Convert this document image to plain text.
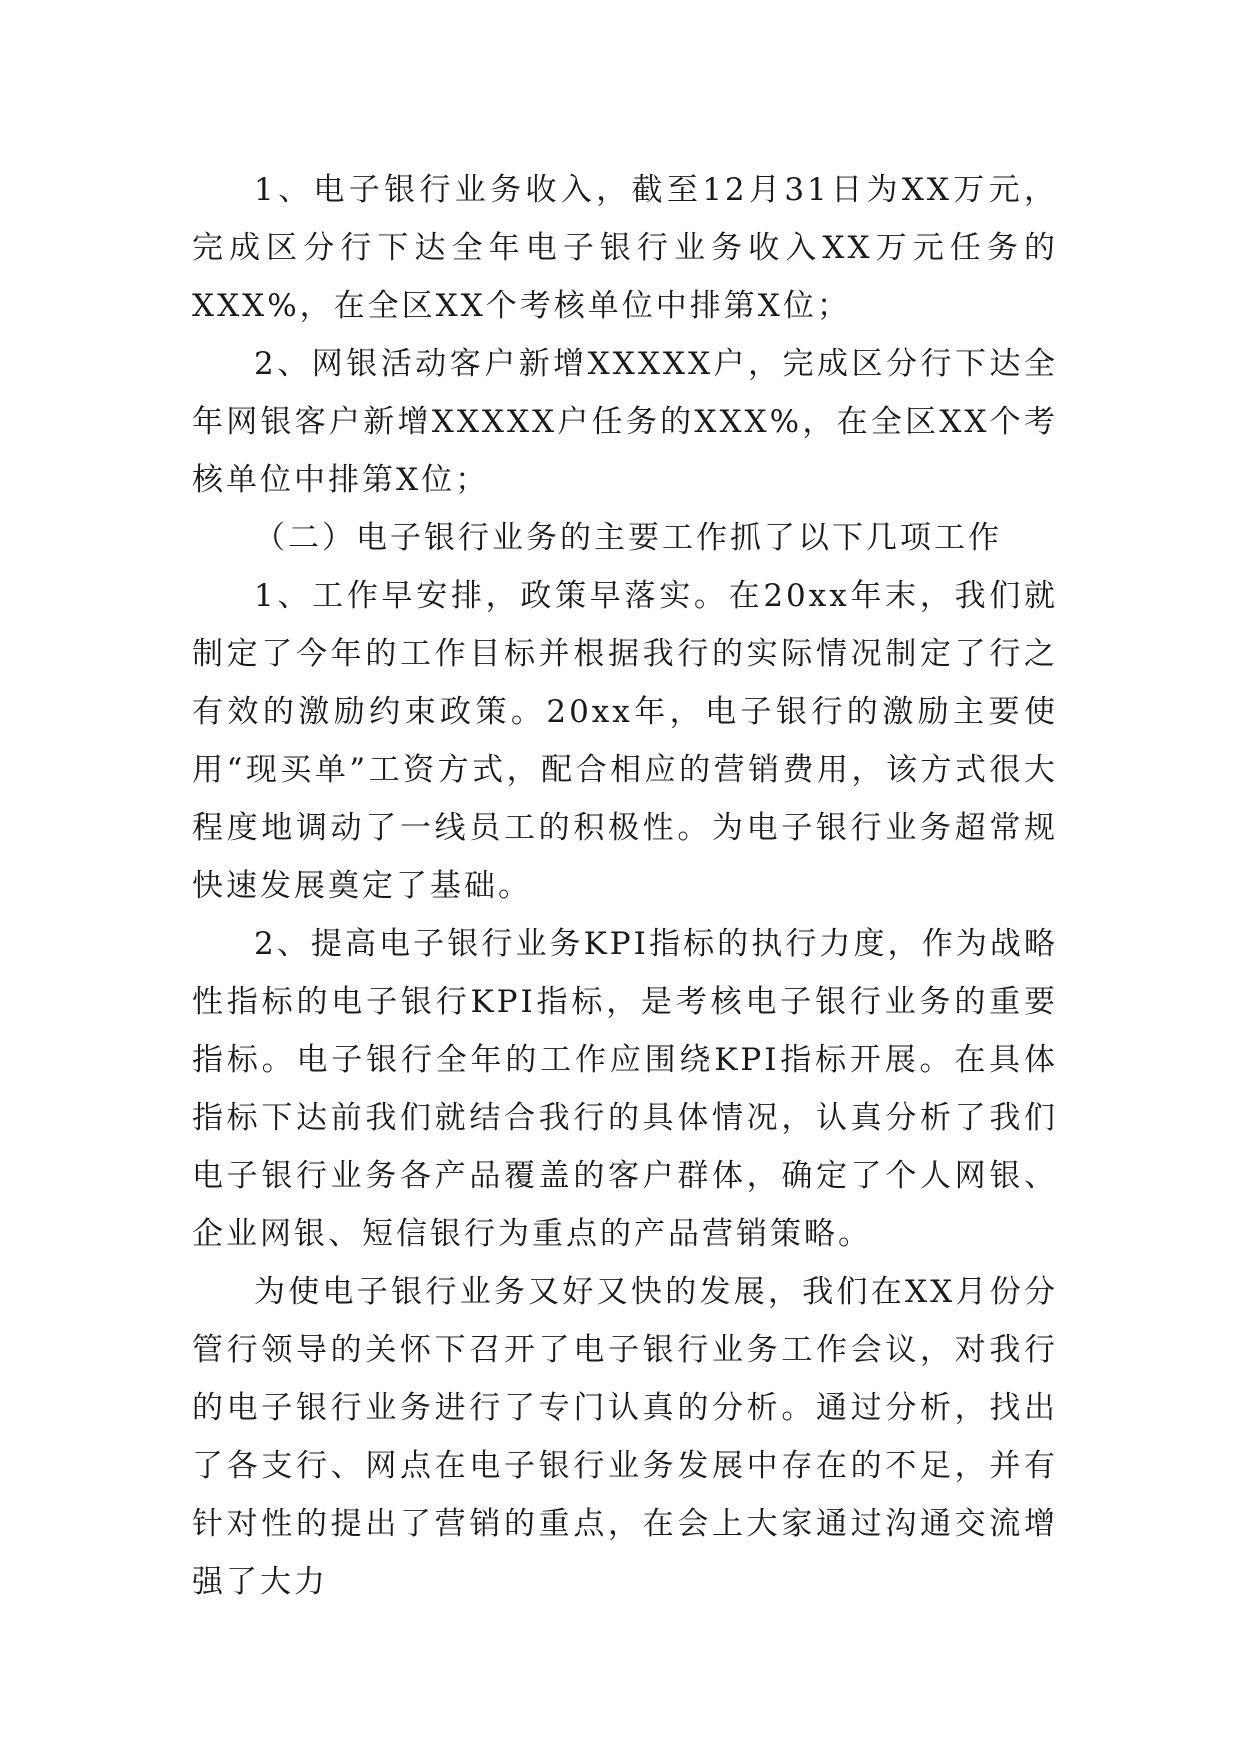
1、电子银行业务收入，截至12月31日为XX万元，完成区分行下达全年电子银行业务收入XX万元任务的XXX%，在全区XX个考核单位中排第X位；

2、网银活动客户新增XXXXX户，完成区分行下达全年网银客户新增XXXXX户任务的XXX%，在全区XX个考核单位中排第X位；

（二）电子银行业务的主要工作抓了以下几项工作

1、工作早安排，政策早落实。在20xx年末，我们就制定了今年的工作目标并根据我行的实际情况制定了行之有效的激励约束政策。20xx年，电子银行的激励主要使用“现买单”工资方式，配合相应的营销费用，该方式很大程度地调动了一线员工的积极性。为电子银行业务超常规快速发展奠定了基础。

2、提高电子银行业务KPI指标的执行力度，作为战略性指标的电子银行KPI指标，是考核电子银行业务的重要指标。电子银行全年的工作应围绕KPI指标开展。在具体指标下达前我们就结合我行的具体情况，认真分析了我们电子银行业务各产品覆盖的客户群体，确定了个人网银、企业网银、短信银行为重点的产品营销策略。

为使电子银行业务又好又快的发展，我们在XX月份分管行领导的关怀下召开了电子银行业务工作会议，对我行的电子银行业务进行了专门认真的分析。通过分析，找出了各支行、网点在电子银行业务发展中存在的不足，并有针对性的提出了营销的重点，在会上大家通过沟通交流增强了大力
